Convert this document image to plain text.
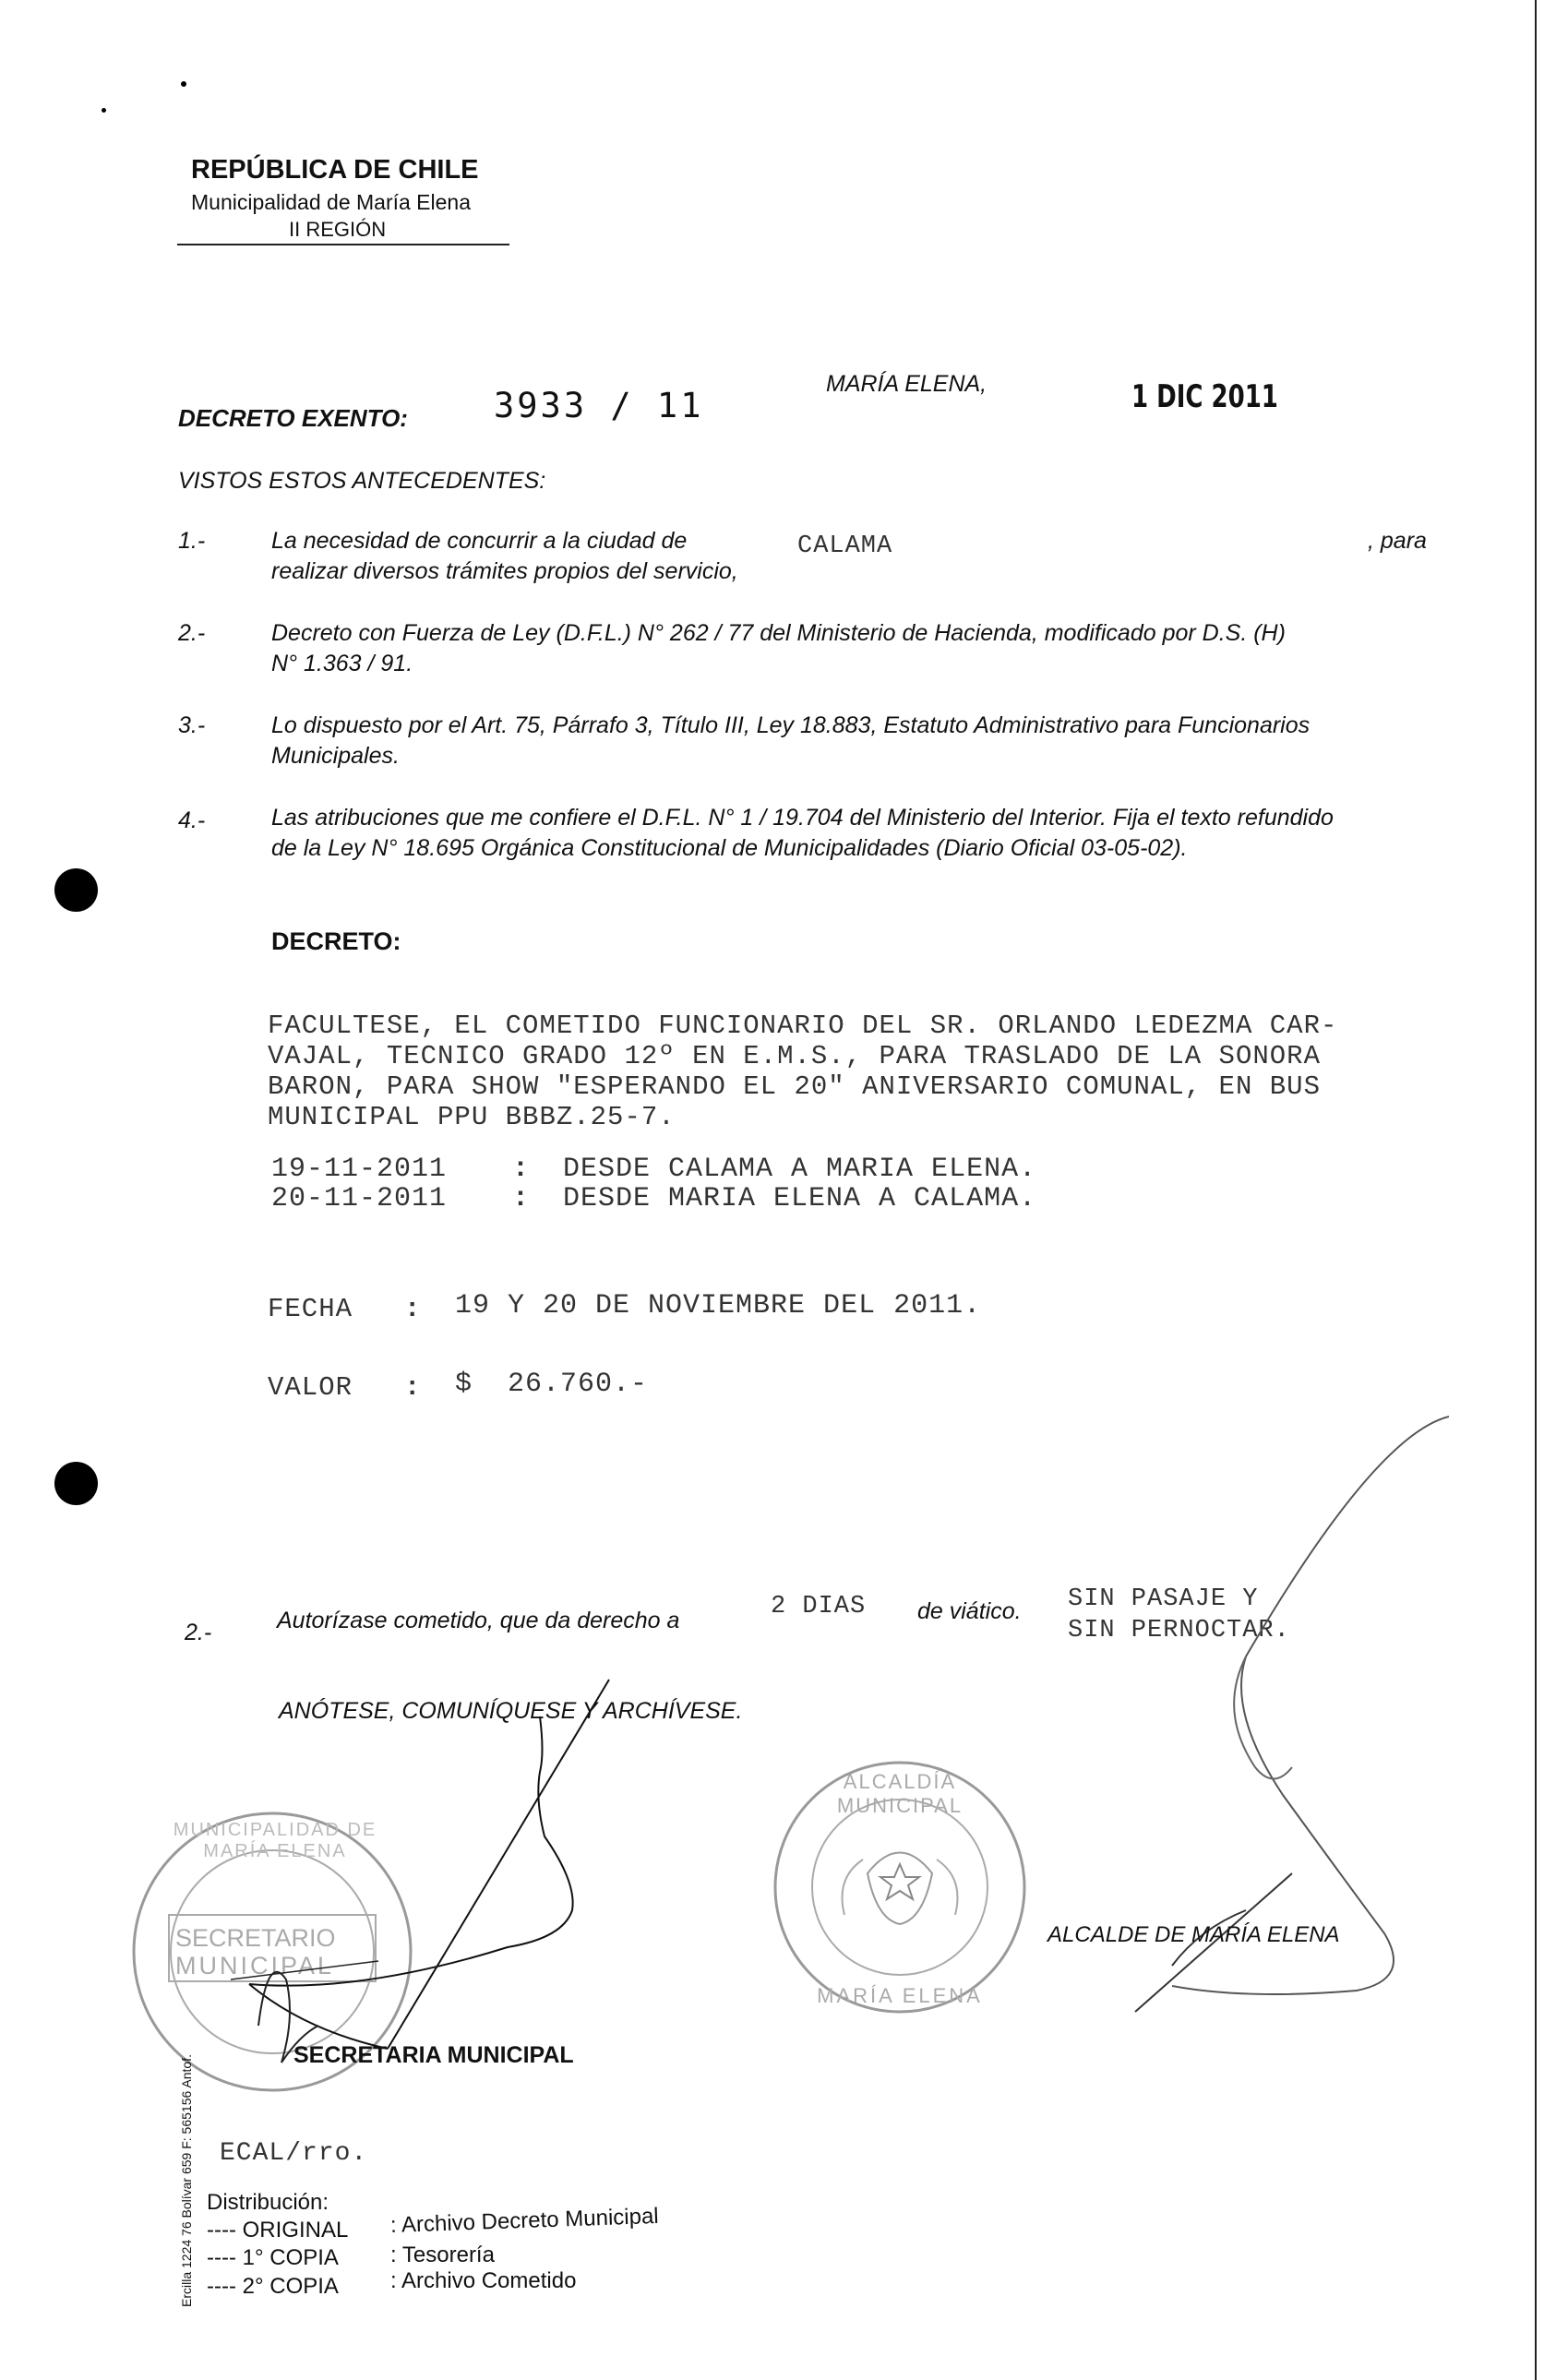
REPÚBLICA DE CHILE
Municipalidad de María Elena
II REGIÓN
DECRETO EXENTO:	3933 / 11
MARÍA ELENA,	1 DIC 2011
VISTOS ESTOS ANTECEDENTES:
1.-	La necesidad de concurrir a la ciudad de	CALAMA	, para
realizar diversos trámites propios del servicio,
2.-	Decreto con Fuerza de Ley (D.F.L.) N° 262 / 77 del Ministerio de Hacienda, modificado por D.S. (H)
N° 1.363 / 91.
3.-	Lo dispuesto por el Art. 75, Párrafo 3, Título III, Ley 18.883, Estatuto Administrativo para Funcionarios
Municipales.
4.-	Las atribuciones que me confiere el D.F.L. N° 1 / 19.704 del Ministerio del Interior. Fija el texto refundido
de la Ley N° 18.695 Orgánica Constitucional de Municipalidades (Diario Oficial 03-05-02).
DECRETO:
FACULTESE, EL COMETIDO FUNCIONARIO DEL SR. ORLANDO LEDEZMA CAR-
VAJAL, TECNICO GRADO 12º EN E.M.S., PARA TRASLADO DE LA SONORA
BARON, PARA SHOW "ESPERANDO EL 20" ANIVERSARIO COMUNAL, EN BUS
MUNICIPAL PPU BBBZ.25-7.
19-11-2011 : DESDE CALAMA A MARIA ELENA.
20-11-2011 : DESDE MARIA ELENA A CALAMA.
FECHA : 19 Y 20 DE NOVIEMBRE DEL 2011.
VALOR : $  26.760.-
2.-	Autorízase cometido, que da derecho a	2 DIAS de viático.	SIN PASAJE Y
SIN PERNOCTAR.
ANÓTESE, COMUNÍQUESE Y ARCHÍVESE.
MUNICIPALIDAD DE MARÍA ELENA
SECRETARIO
MUNICIPAL
ALCALDÍA MUNICIPAL
MARÍA ELENA
ALCALDE DE MARÍA ELENA
SECRETARIA MUNICIPAL
ECAL/rro.
Distribución:
---- ORIGINAL : Archivo Decreto Municipal
---- 1° COPIA : Tesorería
---- 2° COPIA : Archivo Cometido
Ercilla 1224 76 Bolívar 659 F: 565156 Antof.
